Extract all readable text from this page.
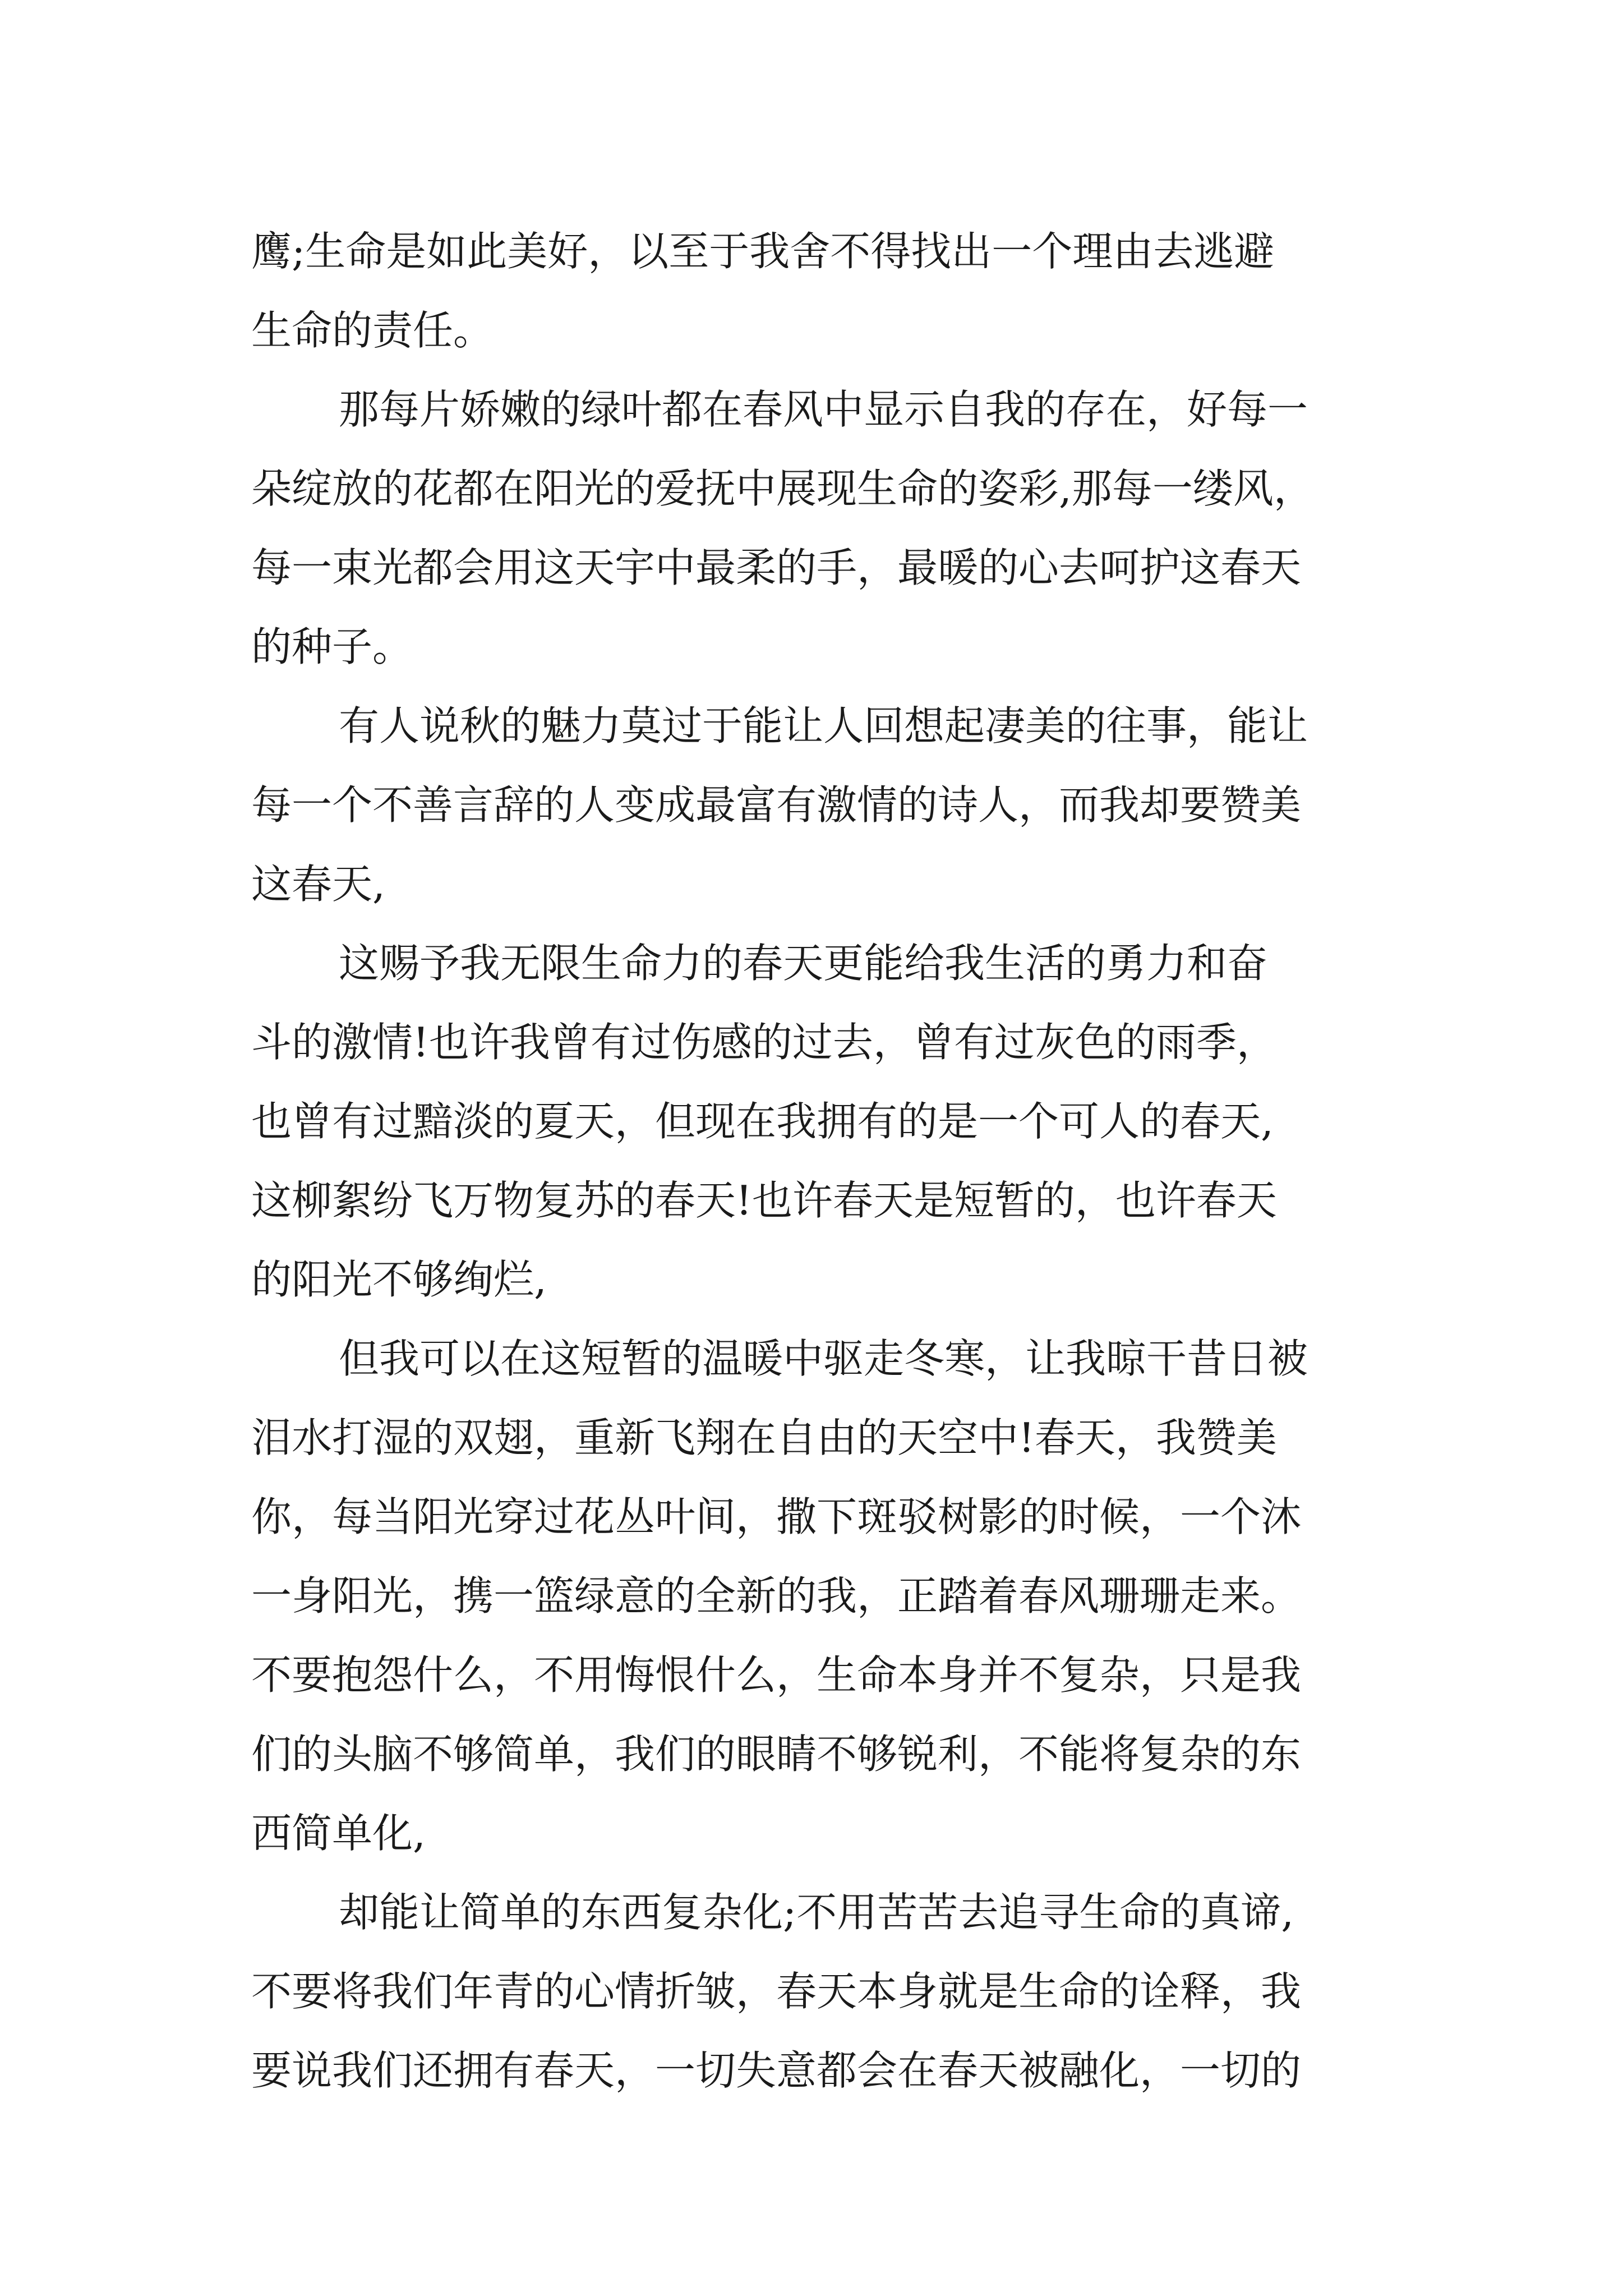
鹰;生命是如此美好，以至于我舍不得找出一个理由去逃避
生命的责任。
那每片娇嫩的绿叶都在春风中显示自我的存在，好每一
朵绽放的花都在阳光的爱抚中展现生命的姿彩,那每一缕风，
每一束光都会用这天宇中最柔的手，最暖的心去呵护这春天
的种子。
有人说秋的魅力莫过于能让人回想起凄美的往事，能让
每一个不善言辞的人变成最富有激情的诗人，而我却要赞美
这春天,
这赐予我无限生命力的春天更能给我生活的勇力和奋
斗的激情!也许我曾有过伤感的过去，曾有过灰色的雨季，
也曾有过黯淡的夏天，但现在我拥有的是一个可人的春天,
这柳絮纷飞万物复苏的春天!也许春天是短暂的，也许春天
的阳光不够绚烂,
但我可以在这短暂的温暖中驱走冬寒，让我晾干昔日被
泪水打湿的双翅，重新飞翔在自由的天空中!春天，我赞美
你，每当阳光穿过花丛叶间，撒下斑驳树影的时候，一个沐
一身阳光，携一篮绿意的全新的我，正踏着春风珊珊走来。
不要抱怨什么，不用悔恨什么，生命本身并不复杂，只是我
们的头脑不够简单，我们的眼睛不够锐利，不能将复杂的东
西简单化,
却能让简单的东西复杂化;不用苦苦去追寻生命的真谛,
不要将我们年青的心情折皱，春天本身就是生命的诠释，我
要说我们还拥有春天，一切失意都会在春天被融化，一切的
